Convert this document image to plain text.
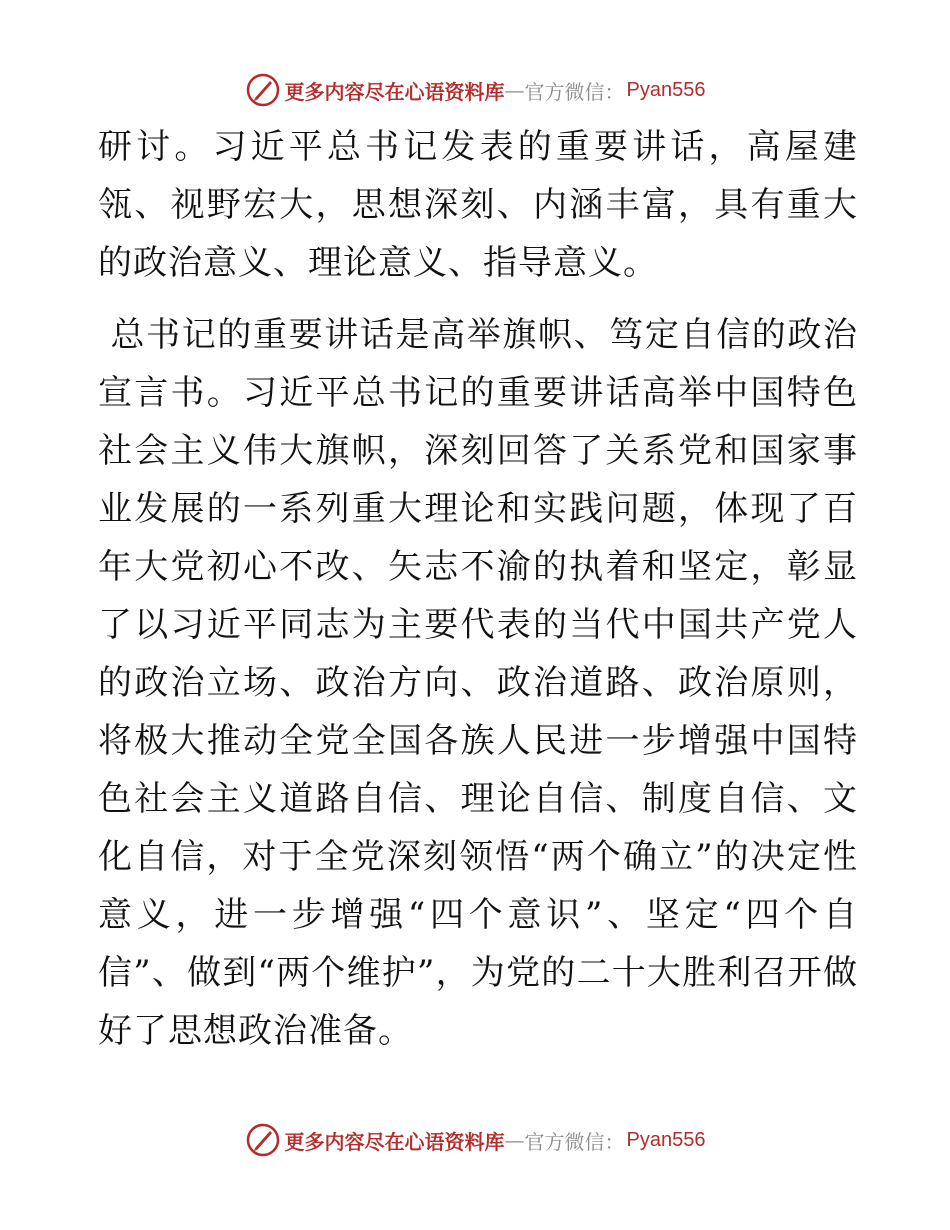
更多内容尽在心语资料库 — 官方微信： Pyan556

研讨。习近平总书记发表的重要讲话，高屋建瓴、视野宏大，思想深刻、内涵丰富，具有重大的政治意义、理论意义、指导意义。

总书记的重要讲话是高举旗帜、笃定自信的政治宣言书。习近平总书记的重要讲话高举中国特色社会主义伟大旗帜，深刻回答了关系党和国家事业发展的一系列重大理论和实践问题，体现了百年大党初心不改、矢志不渝的执着和坚定，彰显了以习近平同志为主要代表的当代中国共产党人的政治立场、政治方向、政治道路、政治原则，将极大推动全党全国各族人民进一步增强中国特色社会主义道路自信、理论自信、制度自信、文化自信，对于全党深刻领悟“两个确立”的决定性意义，进一步增强“四个意识”、坚定“四个自信”、做到“两个维护”，为党的二十大胜利召开做好了思想政治准备。

更多内容尽在心语资料库 — 官方微信： Pyan556
